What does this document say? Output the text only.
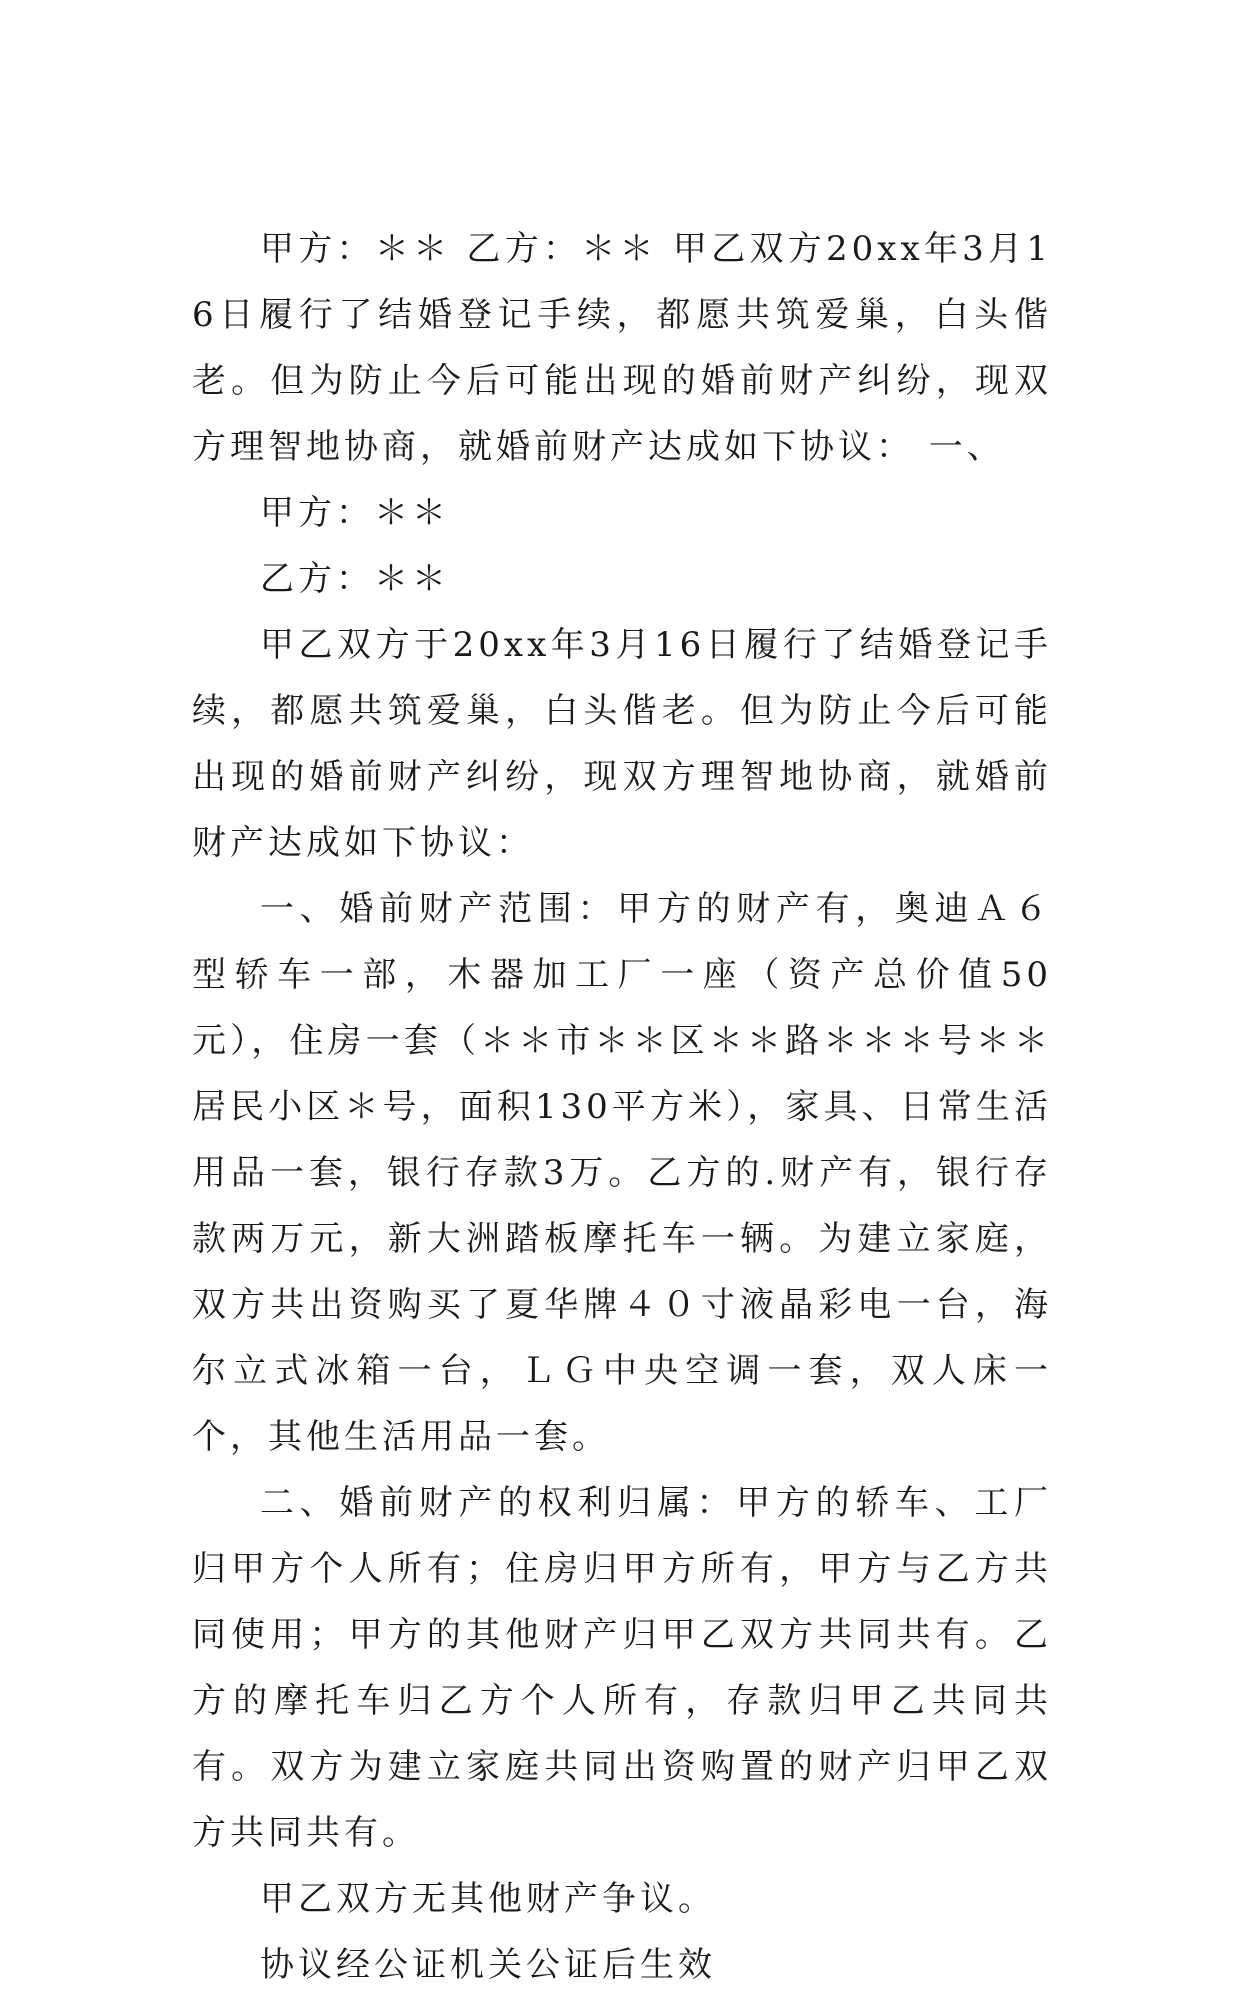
甲方：＊＊ 乙方：＊＊ 甲乙双方20xx年3月16日履行了结婚登记手续，都愿共筑爱巢，白头偕老。但为防止今后可能出现的婚前财产纠纷，现双方理智地协商，就婚前财产达成如下协议： 一、

甲方：＊＊

乙方：＊＊

甲乙双方于20xx年3月16日履行了结婚登记手续，都愿共筑爱巢，白头偕老。但为防止今后可能出现的婚前财产纠纷，现双方理智地协商，就婚前财产达成如下协议：

一、婚前财产范围：甲方的财产有，奥迪Ａ６型轿车一部，木器加工厂一座（资产总价值50元），住房一套（＊＊市＊＊区＊＊路＊＊＊号＊＊居民小区＊号，面积130平方米），家具、日常生活用品一套，银行存款3万。乙方的.财产有，银行存款两万元，新大洲踏板摩托车一辆。为建立家庭，双方共出资购买了夏华牌４０寸液晶彩电一台，海尔立式冰箱一台，ＬＧ中央空调一套，双人床一个，其他生活用品一套。

二、婚前财产的权利归属：甲方的轿车、工厂归甲方个人所有；住房归甲方所有，甲方与乙方共同使用；甲方的其他财产归甲乙双方共同共有。乙方的摩托车归乙方个人所有，存款归甲乙共同共有。双方为建立家庭共同出资购置的财产归甲乙双方共同共有。

甲乙双方无其他财产争议。

协议经公证机关公证后生效
